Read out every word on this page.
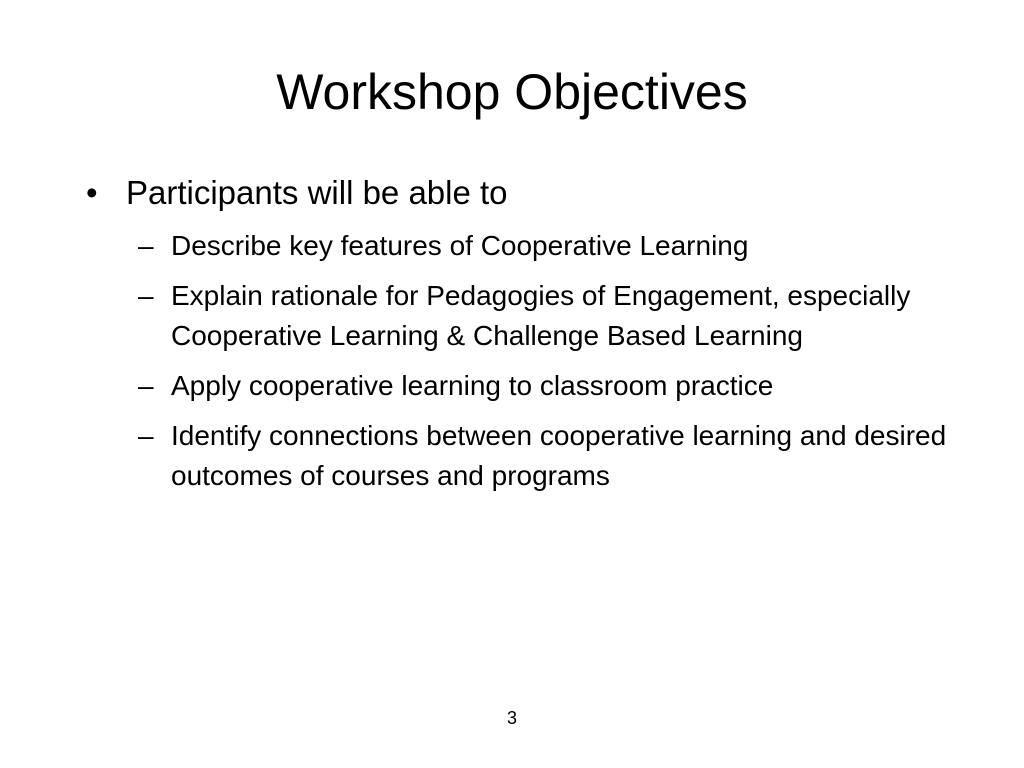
Workshop Objectives
• Participants will be able to
– Describe key features of Cooperative Learning
– Explain rationale for Pedagogies of Engagement, especially Cooperative Learning & Challenge Based Learning
– Apply cooperative learning to classroom practice
– Identify connections between cooperative learning and desired outcomes of courses and programs
3
